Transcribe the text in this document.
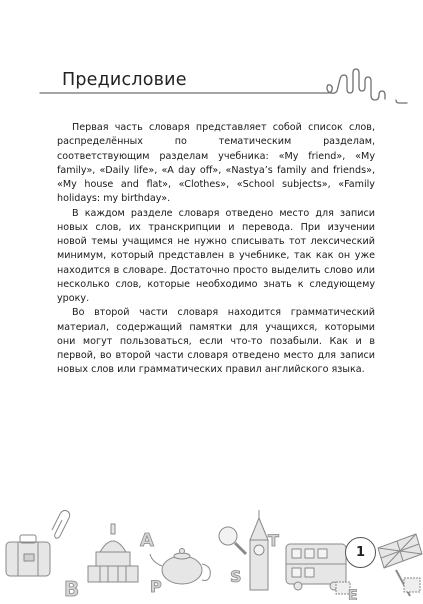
Предисловие

Первая часть словаря представляет собой список слов, распределённых по тематическим разделам, соответствующим разделам учебника: «My friend», «My family», «Daily life», «A day off», «Nastya’s family and friends», «My house and flat», «Clothes», «School subjects», «Family holidays: my birthday».

В каждом разделе словаря отведено место для записи новых слов, их транскрипции и перевода. При изучении новой темы учащимся не нужно списывать тот лексический минимум, который представлен в учебнике, так как он уже находится в словаре. Достаточно просто выделить слово или несколько слов, которые необходимо знать к следующему уроку.

Во второй части словаря находится грамматический материал, содержащий памятки для учащихся, которыми они могут пользоваться, если что-то позабыли. Как и в первой, во второй части словаря отведено место для записи новых слов или грамматических правил английского языка.

B
A
P
S
T
E
1
